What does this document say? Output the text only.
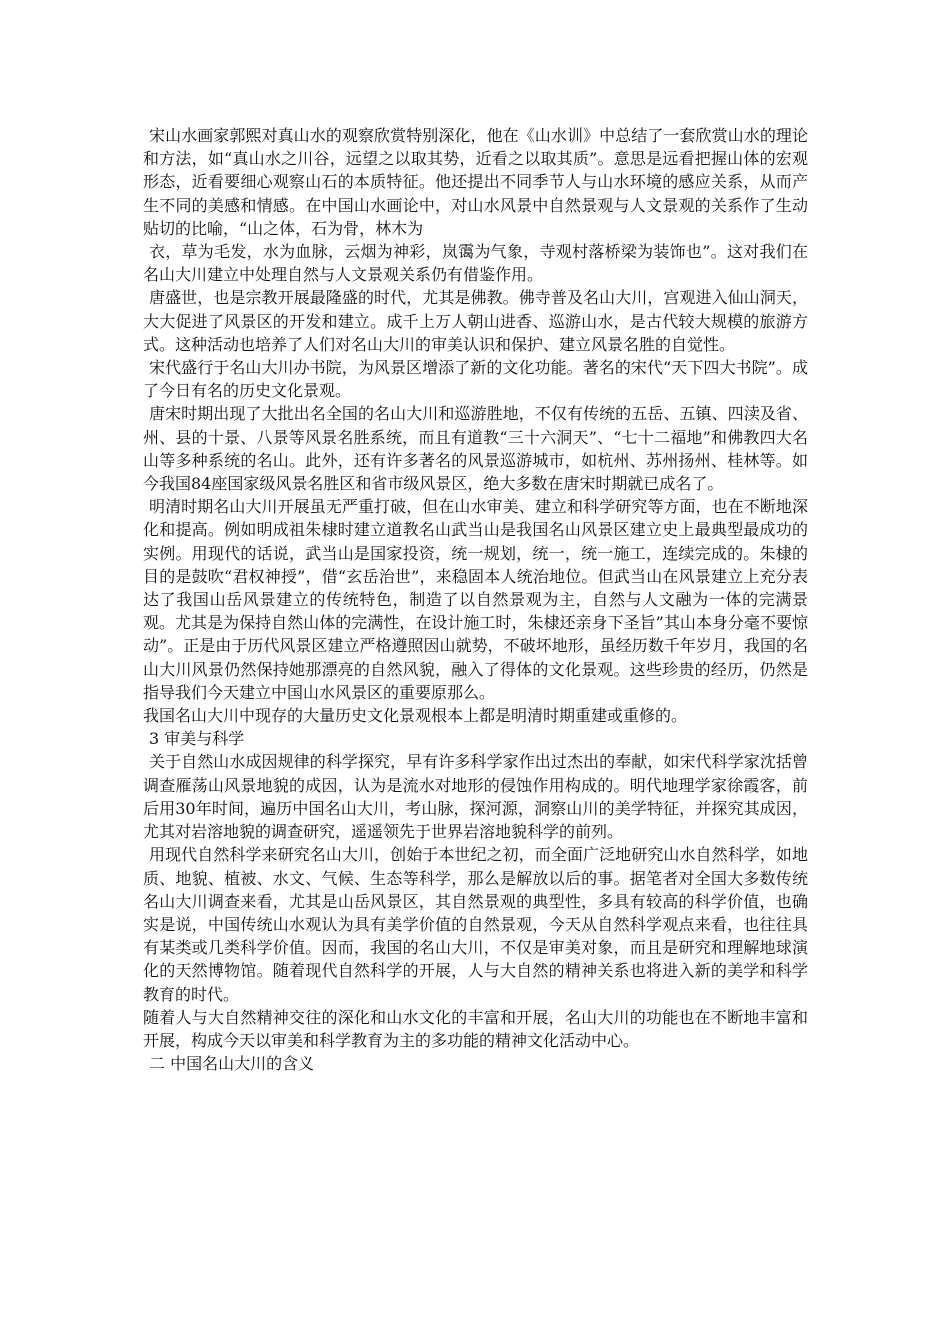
宋山水画家郭熙对真山水的观察欣赏特别深化，他在《山水训》中总结了一套欣赏山水的理论和方法，如“真山水之川谷，远望之以取其势，近看之以取其质”。意思是远看把握山体的宏观形态，近看要细心观察山石的本质特征。他还提出不同季节人与山水环境的感应关系，从而产生不同的美感和情感。在中国山水画论中，对山水风景中自然景观与人文景观的关系作了生动贴切的比喻，“山之体，石为骨，林木为
衣，草为毛发，水为血脉，云烟为神彩，岚霭为气象，寺观村落桥梁为装饰也”。这对我们在名山大川建立中处理自然与人文景观关系仍有借鉴作用。

唐盛世，也是宗教开展最隆盛的时代，尤其是佛教。佛寺普及名山大川，宫观进入仙山洞天，大大促进了风景区的开发和建立。成千上万人朝山进香、巡游山水，是古代较大规模的旅游方式。这种活动也培养了人们对名山大川的审美认识和保护、建立风景名胜的自觉性。

宋代盛行于名山大川办书院，为风景区增添了新的文化功能。著名的宋代“天下四大书院”。成了今日有名的历史文化景观。

唐宋时期出现了大批出名全国的名山大川和巡游胜地，不仅有传统的五岳、五镇、四渎及省、州、县的十景、八景等风景名胜系统，而且有道教“三十六洞天”、“七十二福地”和佛教四大名山等多种系统的名山。此外，还有许多著名的风景巡游城市，如杭州、苏州扬州、桂林等。如今我国84座国家级风景名胜区和省市级风景区，绝大多数在唐宋时期就已成名了。

明清时期名山大川开展虽无严重打破，但在山水审美、建立和科学研究等方面，也在不断地深化和提高。例如明成祖朱棣时建立道教名山武当山是我国名山风景区建立史上最典型最成功的实例。用现代的话说，武当山是国家投资，统一规划，统一，统一施工，连续完成的。朱棣的目的是鼓吹“君权神授”，借“玄岳治世”，来稳固本人统治地位。但武当山在风景建立上充分表达了我国山岳风景建立的传统特色，制造了以自然景观为主，自然与人文融为一体的完满景观。尤其是为保持自然山体的完满性，在设计施工时，朱棣还亲身下圣旨”其山本身分毫不要惊动”。正是由于历代风景区建立严格遵照因山就势，不破坏地形，虽经历数千年岁月，我国的名山大川风景仍然保持她那漂亮的自然风貌，融入了得体的文化景观。这些珍贵的经历，仍然是指导我们今天建立中国山水风景区的重要原那么。

我国名山大川中现存的大量历史文化景观根本上都是明清时期重建或重修的。

3 审美与科学

关于自然山水成因规律的科学探究，早有许多科学家作出过杰出的奉献，如宋代科学家沈括曾调查雁荡山风景地貌的成因，认为是流水对地形的侵蚀作用构成的。明代地理学家徐霞客，前后用30年时间，遍历中国名山大川，考山脉，探河源，洞察山川的美学特征，并探究其成因，尤其对岩溶地貌的调查研究，遥遥领先于世界岩溶地貌科学的前列。

用现代自然科学来研究名山大川，创始于本世纪之初，而全面广泛地研究山水自然科学，如地质、地貌、植被、水文、气候、生态等科学，那么是解放以后的事。据笔者对全国大多数传统名山大川调查来看，尤其是山岳风景区，其自然景观的典型性，多具有较高的科学价值，也确实是说，中国传统山水观认为具有美学价值的自然景观，今天从自然科学观点来看，也往往具有某类或几类科学价值。因而，我国的名山大川，不仅是审美对象，而且是研究和理解地球演化的天然博物馆。随着现代自然科学的开展，人与大自然的精神关系也将进入新的美学和科学教育的时代。

随着人与大自然精神交往的深化和山水文化的丰富和开展，名山大川的功能也在不断地丰富和开展，构成今天以审美和科学教育为主的多功能的精神文化活动中心。

二 中国名山大川的含义
